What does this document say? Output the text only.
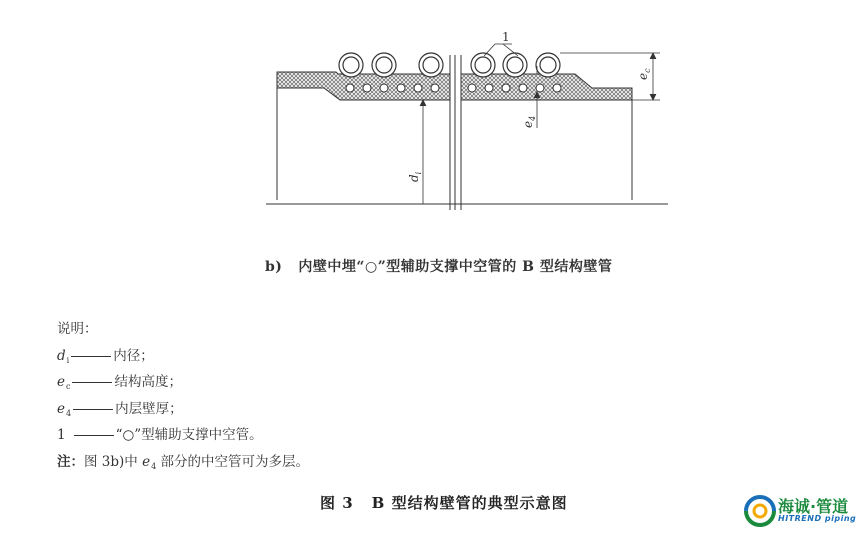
$e_c$
$e_4$
$d_i$
1
b) 内壁中埋“○”型辅助支撑中空管的 B 型结构壁管
说明：
$d_i$	内径；
$e_c$	结构高度；
$e_4$	内层壁厚；
1	“○”型辅助支撑中空管。
注：图 3b)中 $e_4$ 部分的中空管可为多层。
图 3 B 型结构壁管的典型示意图	海诚·管道
HITREND piping
